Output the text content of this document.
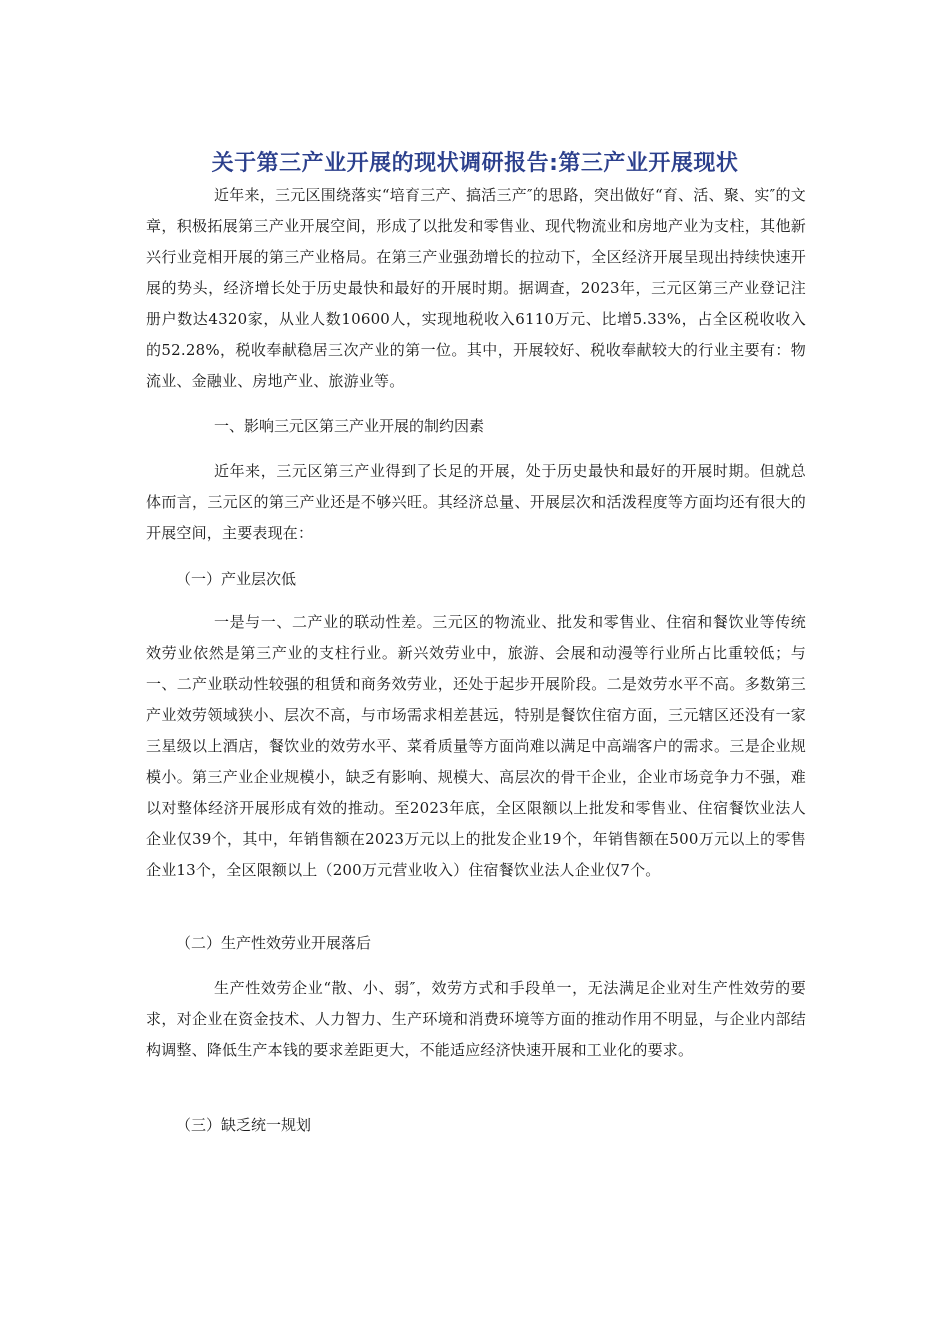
关于第三产业开展的现状调研报告:第三产业开展现状

近年来，三元区围绕落实“培育三产、搞活三产″的思路，突出做好“育、活、聚、实″的文章，积极拓展第三产业开展空间，形成了以批发和零售业、现代物流业和房地产业为支柱，其他新兴行业竞相开展的第三产业格局。在第三产业强劲增长的拉动下，全区经济开展呈现出持续快速开展的势头，经济增长处于历史最快和最好的开展时期。据调查，2023年，三元区第三产业登记注册户数达4320家，从业人数10600人，实现地税收入6110万元、比增5.33%，占全区税收收入的52.28%，税收奉献稳居三次产业的第一位。其中，开展较好、税收奉献较大的行业主要有：物流业、金融业、房地产业、旅游业等。

一、影响三元区第三产业开展的制约因素

近年来，三元区第三产业得到了长足的开展，处于历史最快和最好的开展时期。但就总体而言，三元区的第三产业还是不够兴旺。其经济总量、开展层次和活泼程度等方面均还有很大的开展空间，主要表现在：

（一）产业层次低

一是与一、二产业的联动性差。三元区的物流业、批发和零售业、住宿和餐饮业等传统效劳业依然是第三产业的支柱行业。新兴效劳业中，旅游、会展和动漫等行业所占比重较低；与一、二产业联动性较强的租赁和商务效劳业，还处于起步开展阶段。二是效劳水平不高。多数第三产业效劳领域狭小、层次不高，与市场需求相差甚远，特别是餐饮住宿方面，三元辖区还没有一家三星级以上酒店，餐饮业的效劳水平、菜肴质量等方面尚难以满足中高端客户的需求。三是企业规模小。第三产业企业规模小，缺乏有影响、规模大、高层次的骨干企业，企业市场竞争力不强，难以对整体经济开展形成有效的推动。至2023年底，全区限额以上批发和零售业、住宿餐饮业法人企业仅39个，其中，年销售额在2023万元以上的批发企业19个，年销售额在500万元以上的零售企业13个，全区限额以上（200万元营业收入）住宿餐饮业法人企业仅7个。

（二）生产性效劳业开展落后

生产性效劳企业“散、小、弱″，效劳方式和手段单一，无法满足企业对生产性效劳的要求，对企业在资金技术、人力智力、生产环境和消费环境等方面的推动作用不明显，与企业内部结构调整、降低生产本钱的要求差距更大，不能适应经济快速开展和工业化的要求。

（三）缺乏统一规划
